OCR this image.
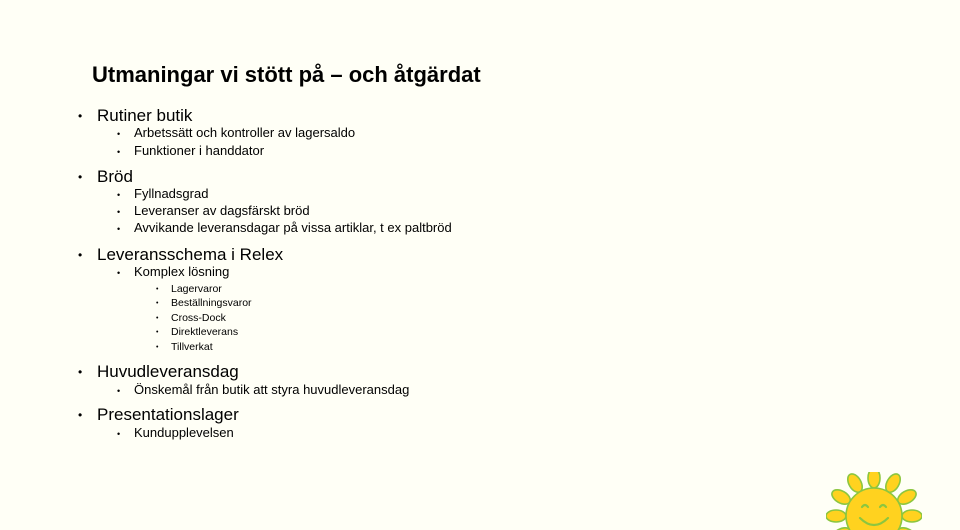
Utmaningar vi stött på – och åtgärdat
• Rutiner butik
• Arbetssätt och kontroller av lagersaldo
• Funktioner i handdator
• Bröd
• Fyllnadsgrad
• Leveranser av dagsfärskt bröd
• Avvikande leveransdagar på vissa artiklar, t ex paltbröd
• Leveransschema i Relex
• Komplex lösning
• Lagervaror
• Beställningsvaror
• Cross-Dock
• Direktleverans
• Tillverkat
• Huvudleveransdag
• Önskemål från butik att styra huvudleveransdag
• Presentationslager
• Kundupplevelsen
